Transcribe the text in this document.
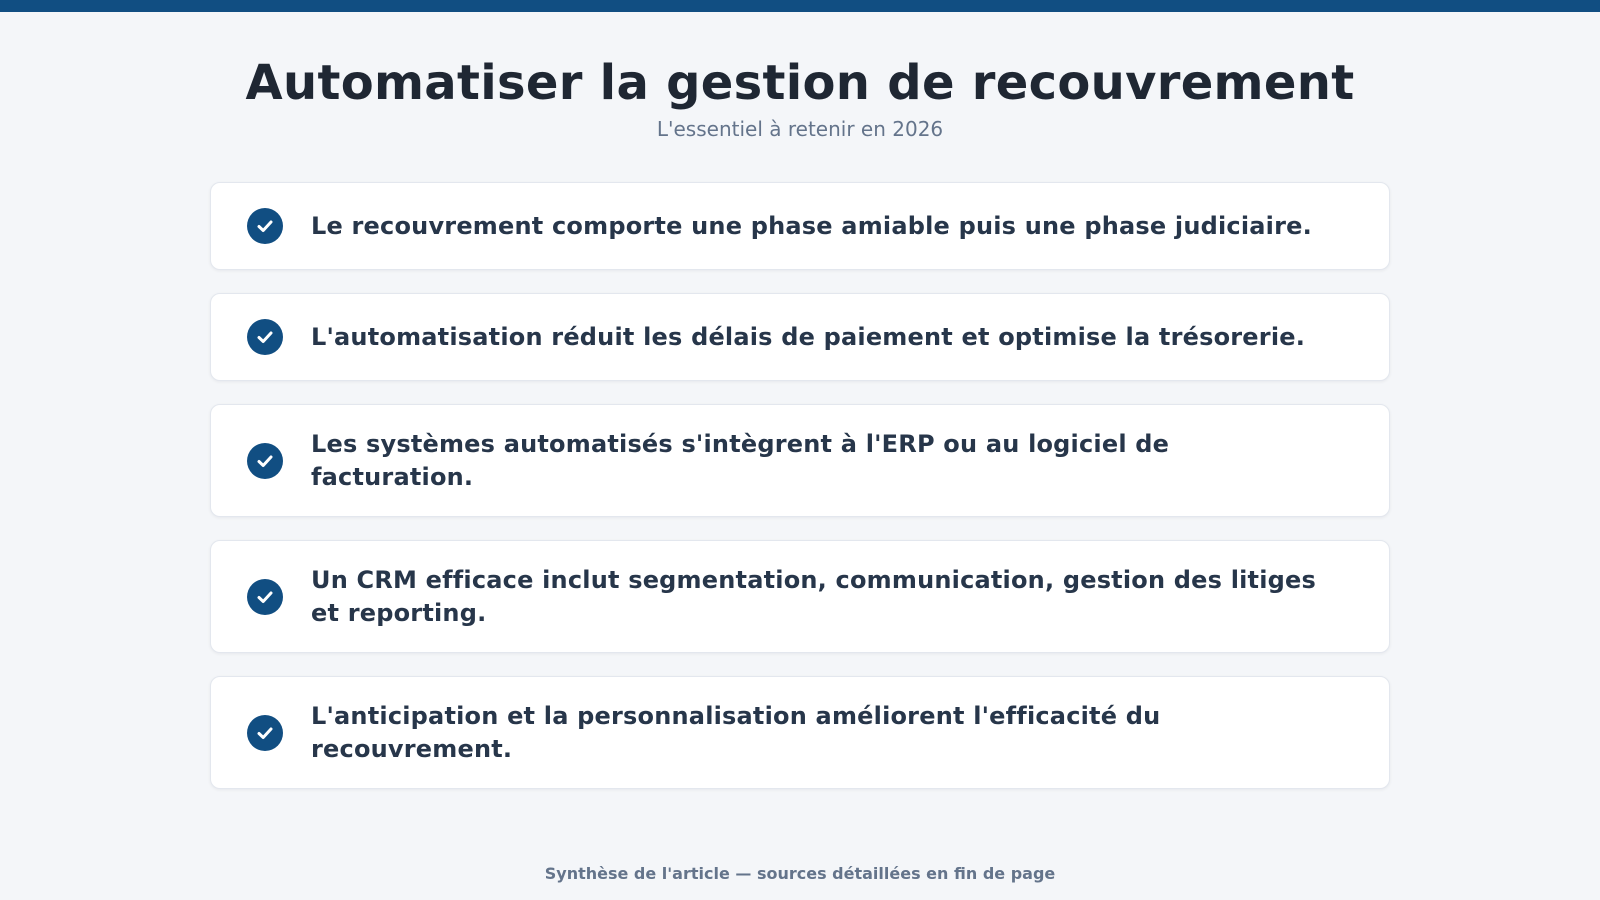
Automatiser la gestion de recouvrement
L'essentiel à retenir en 2026
Le recouvrement comporte une phase amiable puis une phase judiciaire.
L'automatisation réduit les délais de paiement et optimise la trésorerie.
Les systèmes automatisés s'intègrent à l'ERP ou au logiciel de facturation.
Un CRM efficace inclut segmentation, communication, gestion des litiges et reporting.
L'anticipation et la personnalisation améliorent l'efficacité du recouvrement.
Synthèse de l'article — sources détaillées en fin de page
